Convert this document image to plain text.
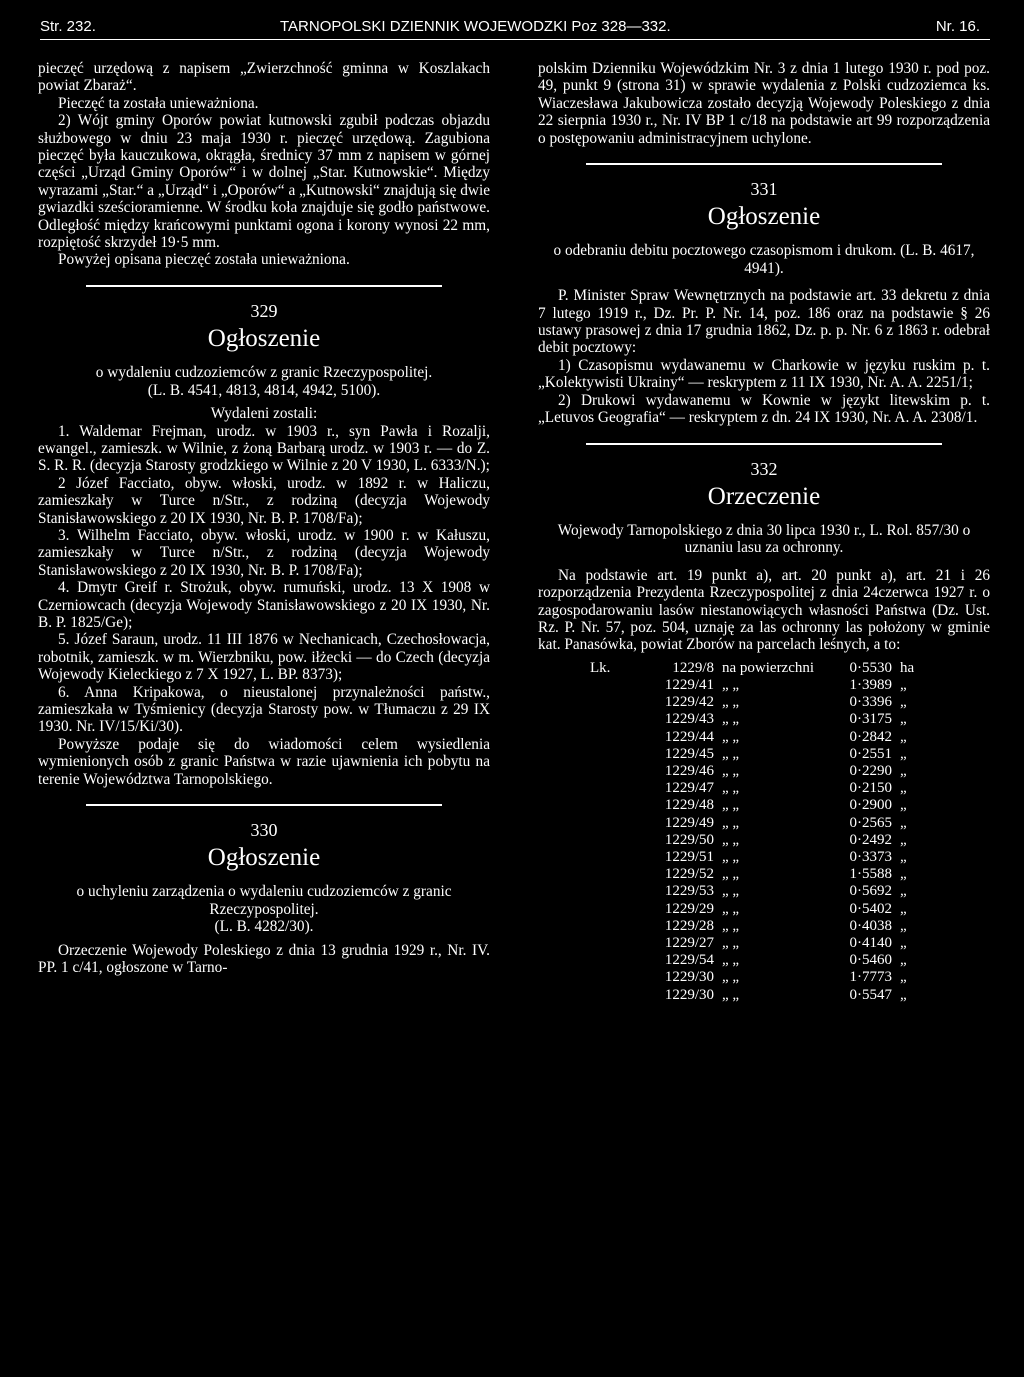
Str. 232.	TARNOPOLSKI DZIENNIK WOJEWODZKI Poz 328—332.	Nr. 16.

pieczęć urzędową z napisem „Zwierzchność gminna w Koszlakach powiat Zbaraż“.

Pieczęć ta została unieważniona.

2) Wójt gminy Oporów powiat kutnowski zgubił podczas objazdu służbowego w dniu 23 maja 1930 r. pieczęć urzędową. Zagubiona pieczęć była kauczukowa, okrągła, średnicy 37 mm z napisem w górnej części „Urząd Gminy Oporów“ i w dolnej „Star. Kutnowskie“. Między wyrazami „Star.“ a „Urząd“ i „Oporów“ a „Kutnowski“ znajdują się dwie gwiazdki sześcioramienne. W środku koła znajduje się godło państwowe. Odległość między krańcowymi punktami ogona i korony wynosi 22 mm, rozpiętość skrzydeł 19·5 mm.

Powyżej opisana pieczęć została unieważniona.

329
Ogłoszenie

o wydaleniu cudzoziemców z granic Rzeczypospolitej.

(L. B. 4541, 4813, 4814, 4942, 5100).

Wydaleni zostali:

1. Waldemar Frejman, urodz. w 1903 r., syn Pawła i Rozalji, ewangel., zamieszk. w Wilnie, z żoną Barbarą urodz. w 1903 r. — do Z. S. R. R. (decyzja Starosty grodzkiego w Wilnie z 20 V 1930, L. 6333/N.);

2 Józef Facciato, obyw. włoski, urodz. w 1892 r. w Haliczu, zamieszkały w Turce n/Str., z rodziną (decyzja Wojewody Stanisławowskiego z 20 IX 1930, Nr. B. P. 1708/Fa);

3. Wilhelm Facciato, obyw. włoski, urodz. w 1900 r. w Kałuszu, zamieszkały w Turce n/Str., z rodziną (decyzja Wojewody Stanisławowskiego z 20 IX 1930, Nr. B. P. 1708/Fa);

4. Dmytr Greif r. Strożuk, obyw. rumuński, urodz. 13 X 1908 w Czerniowcach (decyzja Wojewody Stanisławowskiego z 20 IX 1930, Nr. B. P. 1825/Ge);

5. Józef Saraun, urodz. 11 III 1876 w Nechanicach, Czechosłowacja, robotnik, zamieszk. w m. Wierzbniku, pow. iłżecki — do Czech (decyzja Wojewody Kieleckiego z 7 X 1927, L. BP. 8373);

6. Anna Kripakowa, o nieustalonej przynależności państw., zamieszkała w Tyśmienicy (decyzja Starosty pow. w Tłumaczu z 29 IX 1930. Nr. IV/15/Ki/30).

Powyższe podaje się do wiadomości celem wysiedlenia wymienionych osób z granic Państwa w razie ujawnienia ich pobytu na terenie Województwa Tarnopolskiego.

330
Ogłoszenie

o uchyleniu zarządzenia o wydaleniu cudzoziemców z granic Rzeczypospolitej.

(L. B. 4282/30).

Orzeczenie Wojewody Poleskiego z dnia 13 grudnia 1929 r., Nr. IV. PP. 1 c/41, ogłoszone w Tarno-

polskim Dzienniku Wojewódzkim Nr. 3 z dnia 1 lutego 1930 r. pod poz. 49, punkt 9 (strona 31) w sprawie wydalenia z Polski cudzoziemca ks. Wiaczesława Jakubowicza zostało decyzją Wojewody Poleskiego z dnia 22 sierpnia 1930 r., Nr. IV BP 1 c/18 na podstawie art 99 rozporządzenia o postępowaniu administracyjnem uchylone.

331
Ogłoszenie

o odebraniu debitu pocztowego czasopismom i drukom. (L. B. 4617, 4941).

P. Minister Spraw Wewnętrznych na podstawie art. 33 dekretu z dnia 7 lutego 1919 r., Dz. Pr. P. Nr. 14, poz. 186 oraz na podstawie § 26 ustawy prasowej z dnia 17 grudnia 1862, Dz. p. p. Nr. 6 z 1863 r. odebrał debit pocztowy:

1) Czasopismu wydawanemu w Charkowie w języku ruskim p. t. „Kolektywisti Ukrainy“ — reskryptem z 11 IX 1930, Nr. A. A. 2251/1;

2) Drukowi wydawanemu w Kownie w językt litewskim p. t. „Letuvos Geografia“ — reskryptem z dn. 24 IX 1930, Nr. A. A. 2308/1.

332
Orzeczenie

Wojewody Tarnopolskiego z dnia 30 lipca 1930 r., L. Rol. 857/30 o uznaniu lasu za ochronny.

Na podstawie art. 19 punkt a), art. 20 punkt a), art. 21 i 26 rozporządzenia Prezydenta Rzeczypospolitej z dnia 24czerwca 1927 r. o zagospodarowaniu lasów niestanowiących własności Państwa (Dz. Ust. Rz. P. Nr. 57, poz. 504, uznaję za las ochronny las położony w gminie kat. Panasówka, powiat Zborów na parcelach leśnych, a to:

Lk.	1229/8	na powierzchni	0·5530	ha
	1229/41	„ „	1·3989	„
	1229/42	„ „	0·3396	„
	1229/43	„ „	0·3175	„
	1229/44	„ „	0·2842	„
	1229/45	„ „	0·2551	„
	1229/46	„ „	0·2290	„
	1229/47	„ „	0·2150	„
	1229/48	„ „	0·2900	„
	1229/49	„ „	0·2565	„
	1229/50	„ „	0·2492	„
	1229/51	„ „	0·3373	„
	1229/52	„ „	1·5588	„
	1229/53	„ „	0·5692	„
	1229/29	„ „	0·5402	„
	1229/28	„ „	0·4038	„
	1229/27	„ „	0·4140	„
	1229/54	„ „	0·5460	„
	1229/30	„ „	1·7773	„
	1229/30	„ „	0·5547	„
